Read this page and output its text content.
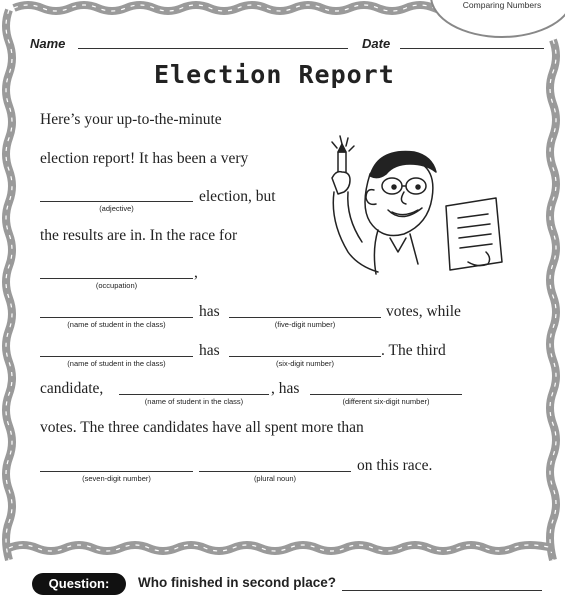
Comparing Numbers
Name	Date
Election Report
Here’s your up-to-the-minute
election report! It has been a very
(adjective)
election, but
the results are in. In the race for
(occupation)
,
(name of student in the class)
has
(five-digit number)
votes, while
(name of student in the class)
has
(six-digit number)
. The third
candidate,
(name of student in the class)
, has
(different six-digit number)
votes. The three candidates have all spent more than
(seven-digit number)	(plural noun)
on this race.
Question:	Who finished in second place?
